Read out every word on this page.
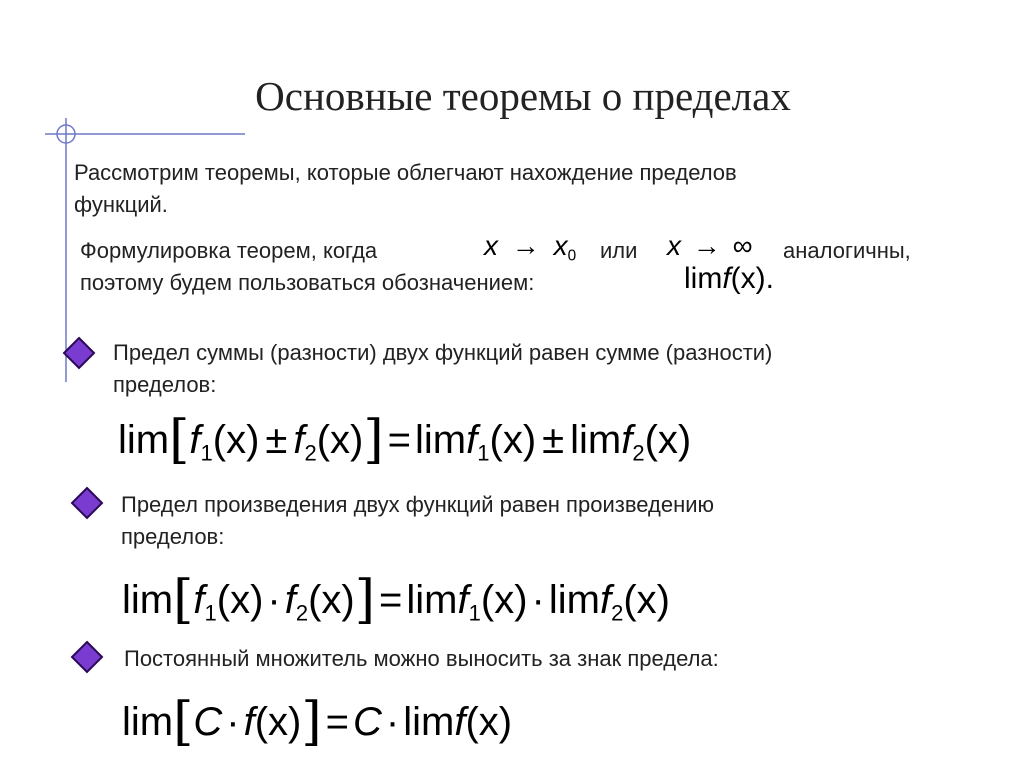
Основные теоремы о пределах
Рассмотрим теоремы, которые облегчают нахождение пределов
функций.
Формулировка теорем, когда	$x \to x_0$ или x → ∞ аналогичны,
поэтому будем пользоваться обозначением:	limf(x).
Предел суммы (разности) двух функций равен сумме (разности)
пределов:
$\lim[f_1(x) \pm f_2(x)] = \lim f_1(x) \pm \lim f_2(x)$
Предел произведения двух функций равен произведению
пределов:
$\lim[f_1(x) \cdot f_2(x)] = \lim f_1(x) \cdot \lim f_2(x)$
Постоянный множитель можно выносить за знак предела:
lim[C · f(x)] = C · limf(x)
